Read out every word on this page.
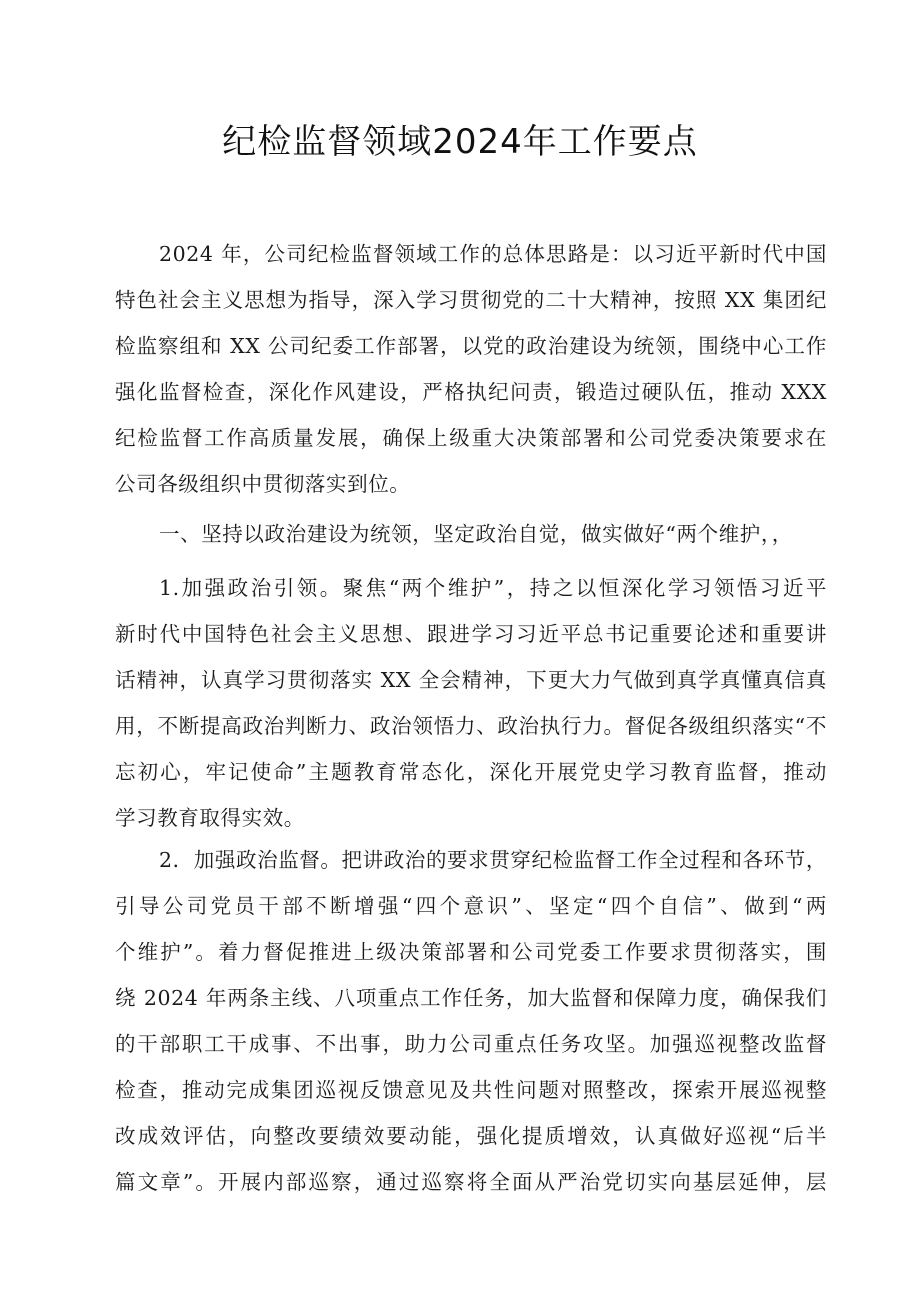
纪检监督领域2024年工作要点
2024 年，公司纪检监督领域工作的总体思路是：以习近平新时代中国
特色社会主义思想为指导，深入学习贯彻党的二十大精神，按照 XX 集团纪
检监察组和 XX 公司纪委工作部署，以党的政治建设为统领，围绕中心工作
强化监督检查，深化作风建设，严格执纪问责，锻造过硬队伍，推动 XXX
纪检监督工作高质量发展，确保上级重大决策部署和公司党委决策要求在
公司各级组织中贯彻落实到位。
一、坚持以政治建设为统领，坚定政治自觉，做实做好“两个维护，，
1.加强政治引领。聚焦“两个维护”，持之以恒深化学习领悟习近平
新时代中国特色社会主义思想、跟进学习习近平总书记重要论述和重要讲
话精神，认真学习贯彻落实 XX 全会精神，下更大力气做到真学真懂真信真
用，不断提高政治判断力、政治领悟力、政治执行力。督促各级组织落实“不
忘初心，牢记使命”主题教育常态化，深化开展党史学习教育监督，推动
学习教育取得实效。
2．加强政治监督。把讲政治的要求贯穿纪检监督工作全过程和各环节，
引导公司党员干部不断增强“四个意识”、坚定“四个自信”、做到“两
个维护”。着力督促推进上级决策部署和公司党委工作要求贯彻落实，围
绕 2024 年两条主线、八项重点工作任务，加大监督和保障力度，确保我们
的干部职工干成事、不出事，助力公司重点任务攻坚。加强巡视整改监督
检查，推动完成集团巡视反馈意见及共性问题对照整改，探索开展巡视整
改成效评估，向整改要绩效要动能，强化提质增效，认真做好巡视“后半
篇文章”。开展内部巡察，通过巡察将全面从严治党切实向基层延伸，层
